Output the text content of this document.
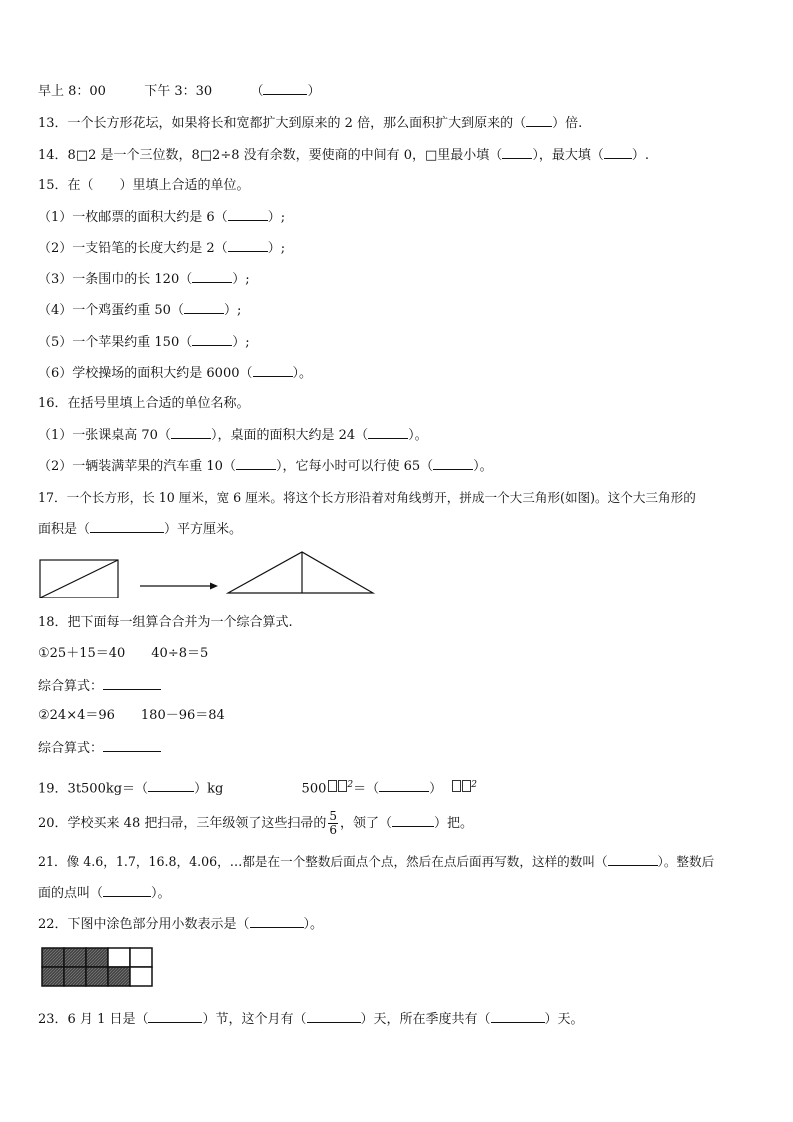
早上 8：00	下午 3：30	（	）
13．一个长方形花坛，如果将长和宽都扩大到原来的 2 倍，那么面积扩大到原来的（ ）倍.
14．8□2 是一个三位数，8□2÷8 没有余数，要使商的中间有 0，□里最小填（ ），最大填（ ）.
15．在（　　）里填上合适的单位。
（1）一枚邮票的面积大约是 6（	）;
（2）一支铅笔的长度大约是 2（	）;
（3）一条围巾的长 120（	）;
（4）一个鸡蛋约重 50（	）;
（5）一个苹果约重 150（	）;
（6）学校操场的面积大约是 6000（	）。
16．在括号里填上合适的单位名称。
（1）一张课桌高 70（	），桌面的面积大约是 24（	）。
（2）一辆装满苹果的汽车重 10（	），它每小时可以行使 65（	）。
17．一个长方形，长 10 厘米，宽 6 厘米。将这个长方形沿着对角线剪开，拼成一个大三角形(如图)。这个大三角形的
面积是（	）平方厘米。
18．把下面每一组算合合并为一个综合算式.
①25＋15＝40　　40÷8＝5
综合算式：
②24×4＝96　　180－96＝84
综合算式：
19．3t500kg＝（	）kg	500 $^2$＝（	）	$^2$
20．学校买来 48 把扫帚，三年级领了这些扫帚的 $\frac{5}{6}$ ，领了（	）把。
21．像 4.6，1.7，16.8，4.06，…都是在一个整数后面点个点，然后在点后面再写数，这样的数叫（	）。整数后
面的点叫（	）。
22．下图中涂色部分用小数表示是（	）。
23．6 月 1 日是（	）节，这个月有（	）天，所在季度共有（	）天。
